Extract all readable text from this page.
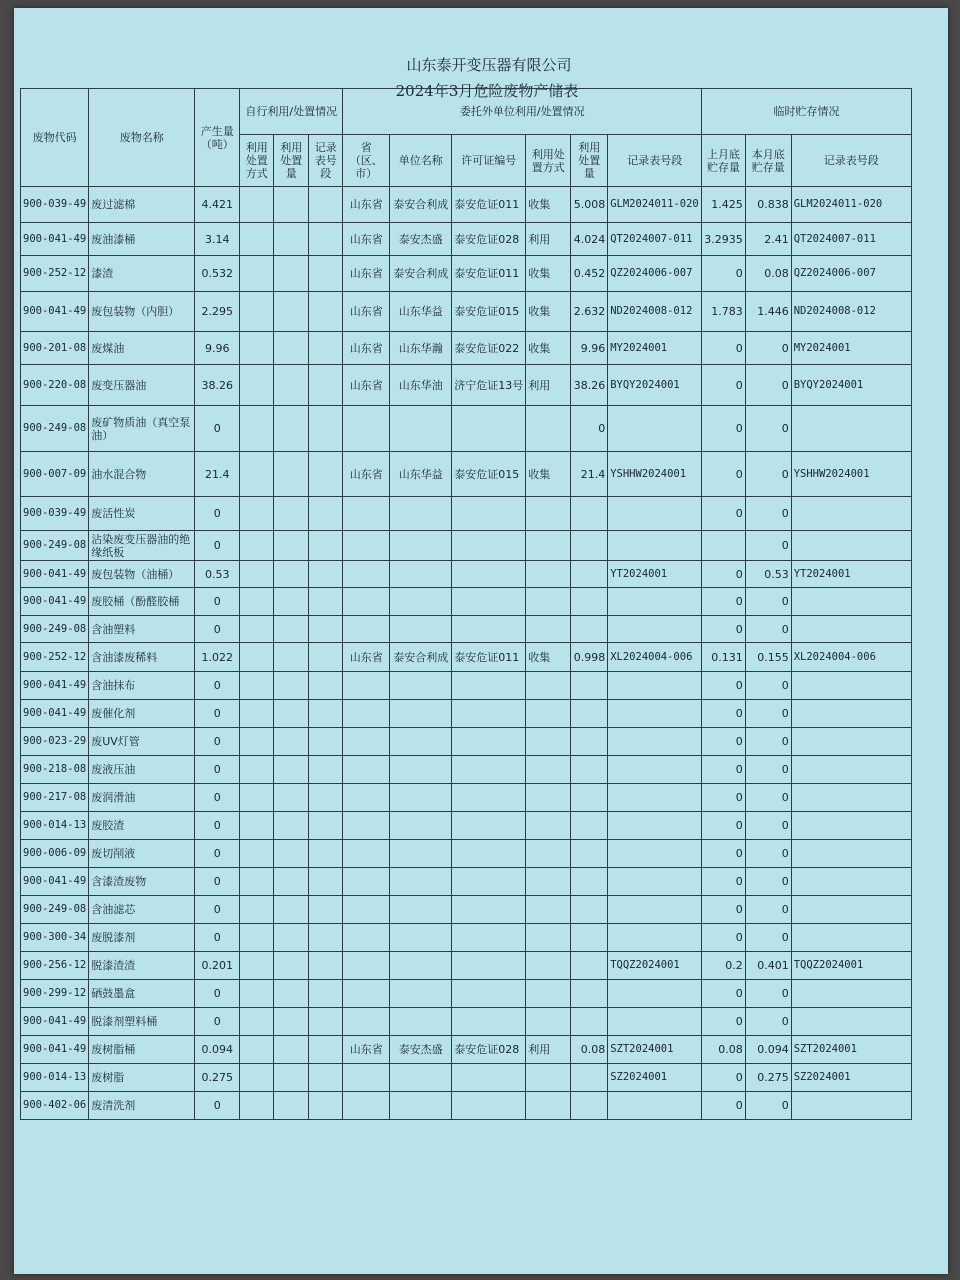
山东泰开变压器有限公司
2024年3月危险废物产储表
废物代码	废物名称	产生量（吨）	自行利用/处置情况			委托外单位利用/处置情况						临时贮存情况		
			利用处置方式	利用处置量	记录表号段	省（区、市）	单位名称	许可证编号	利用处置方式	利用处置量	记录表号段	上月底贮存量	本月底贮存量	记录表号段
900-039-49	废过滤棉	4.421				山东省	泰安合利成	泰安危证011	收集	5.008	GLM2024011-020	1.425	0.838	GLM2024011-020
900-041-49	废油漆桶	3.14				山东省	泰安杰盛	泰安危证028	利用	4.024	QT2024007-011	3.2935	2.41	QT2024007-011
900-252-12	漆渣	0.532				山东省	泰安合利成	泰安危证011	收集	0.452	QZ2024006-007	0	0.08	QZ2024006-007
900-041-49	废包装物（内胆）	2.295				山东省	山东华益	泰安危证015	收集	2.632	ND2024008-012	1.783	1.446	ND2024008-012
900-201-08	废煤油	9.96				山东省	山东华瀚	泰安危证022	收集	9.96	MY2024001	0	0	MY2024001
900-220-08	废变压器油	38.26				山东省	山东华油	济宁危证13号	利用	38.26	BYQY2024001	0	0	BYQY2024001
900-249-08	废矿物质油（真空泵油）	0								0		0	0	
900-007-09	油水混合物	21.4				山东省	山东华益	泰安危证015	收集	21.4	YSHHW2024001	0	0	YSHHW2024001
900-039-49	废活性炭	0										0	0	
900-249-08	沾染废变压器油的绝缘纸板	0											0	
900-041-49	废包装物（油桶）	0.53									YT2024001	0	0.53	YT2024001
900-041-49	废胶桶（酚醛胶桶	0										0	0	
900-249-08	含油塑料	0										0	0	
900-252-12	含油漆废稀料	1.022				山东省	泰安合利成	泰安危证011	收集	0.998	XL2024004-006	0.131	0.155	XL2024004-006
900-041-49	含油抹布	0										0	0	
900-041-49	废催化剂	0										0	0	
900-023-29	废UV灯管	0										0	0	
900-218-08	废液压油	0										0	0	
900-217-08	废润滑油	0										0	0	
900-014-13	废胶渣	0										0	0	
900-006-09	废切削液	0										0	0	
900-041-49	含漆渣废物	0										0	0	
900-249-08	含油滤芯	0										0	0	
900-300-34	废脱漆剂	0										0	0	
900-256-12	脱漆渣渣	0.201									TQQZ2024001	0.2	0.401	TQQZ2024001
900-299-12	硒鼓墨盒	0										0	0	
900-041-49	脱漆剂塑料桶	0										0	0	
900-041-49	废树脂桶	0.094				山东省	泰安杰盛	泰安危证028	利用	0.08	SZT2024001	0.08	0.094	SZT2024001
900-014-13	废树脂	0.275									SZ2024001	0	0.275	SZ2024001
900-402-06	废清洗剂	0										0	0	
